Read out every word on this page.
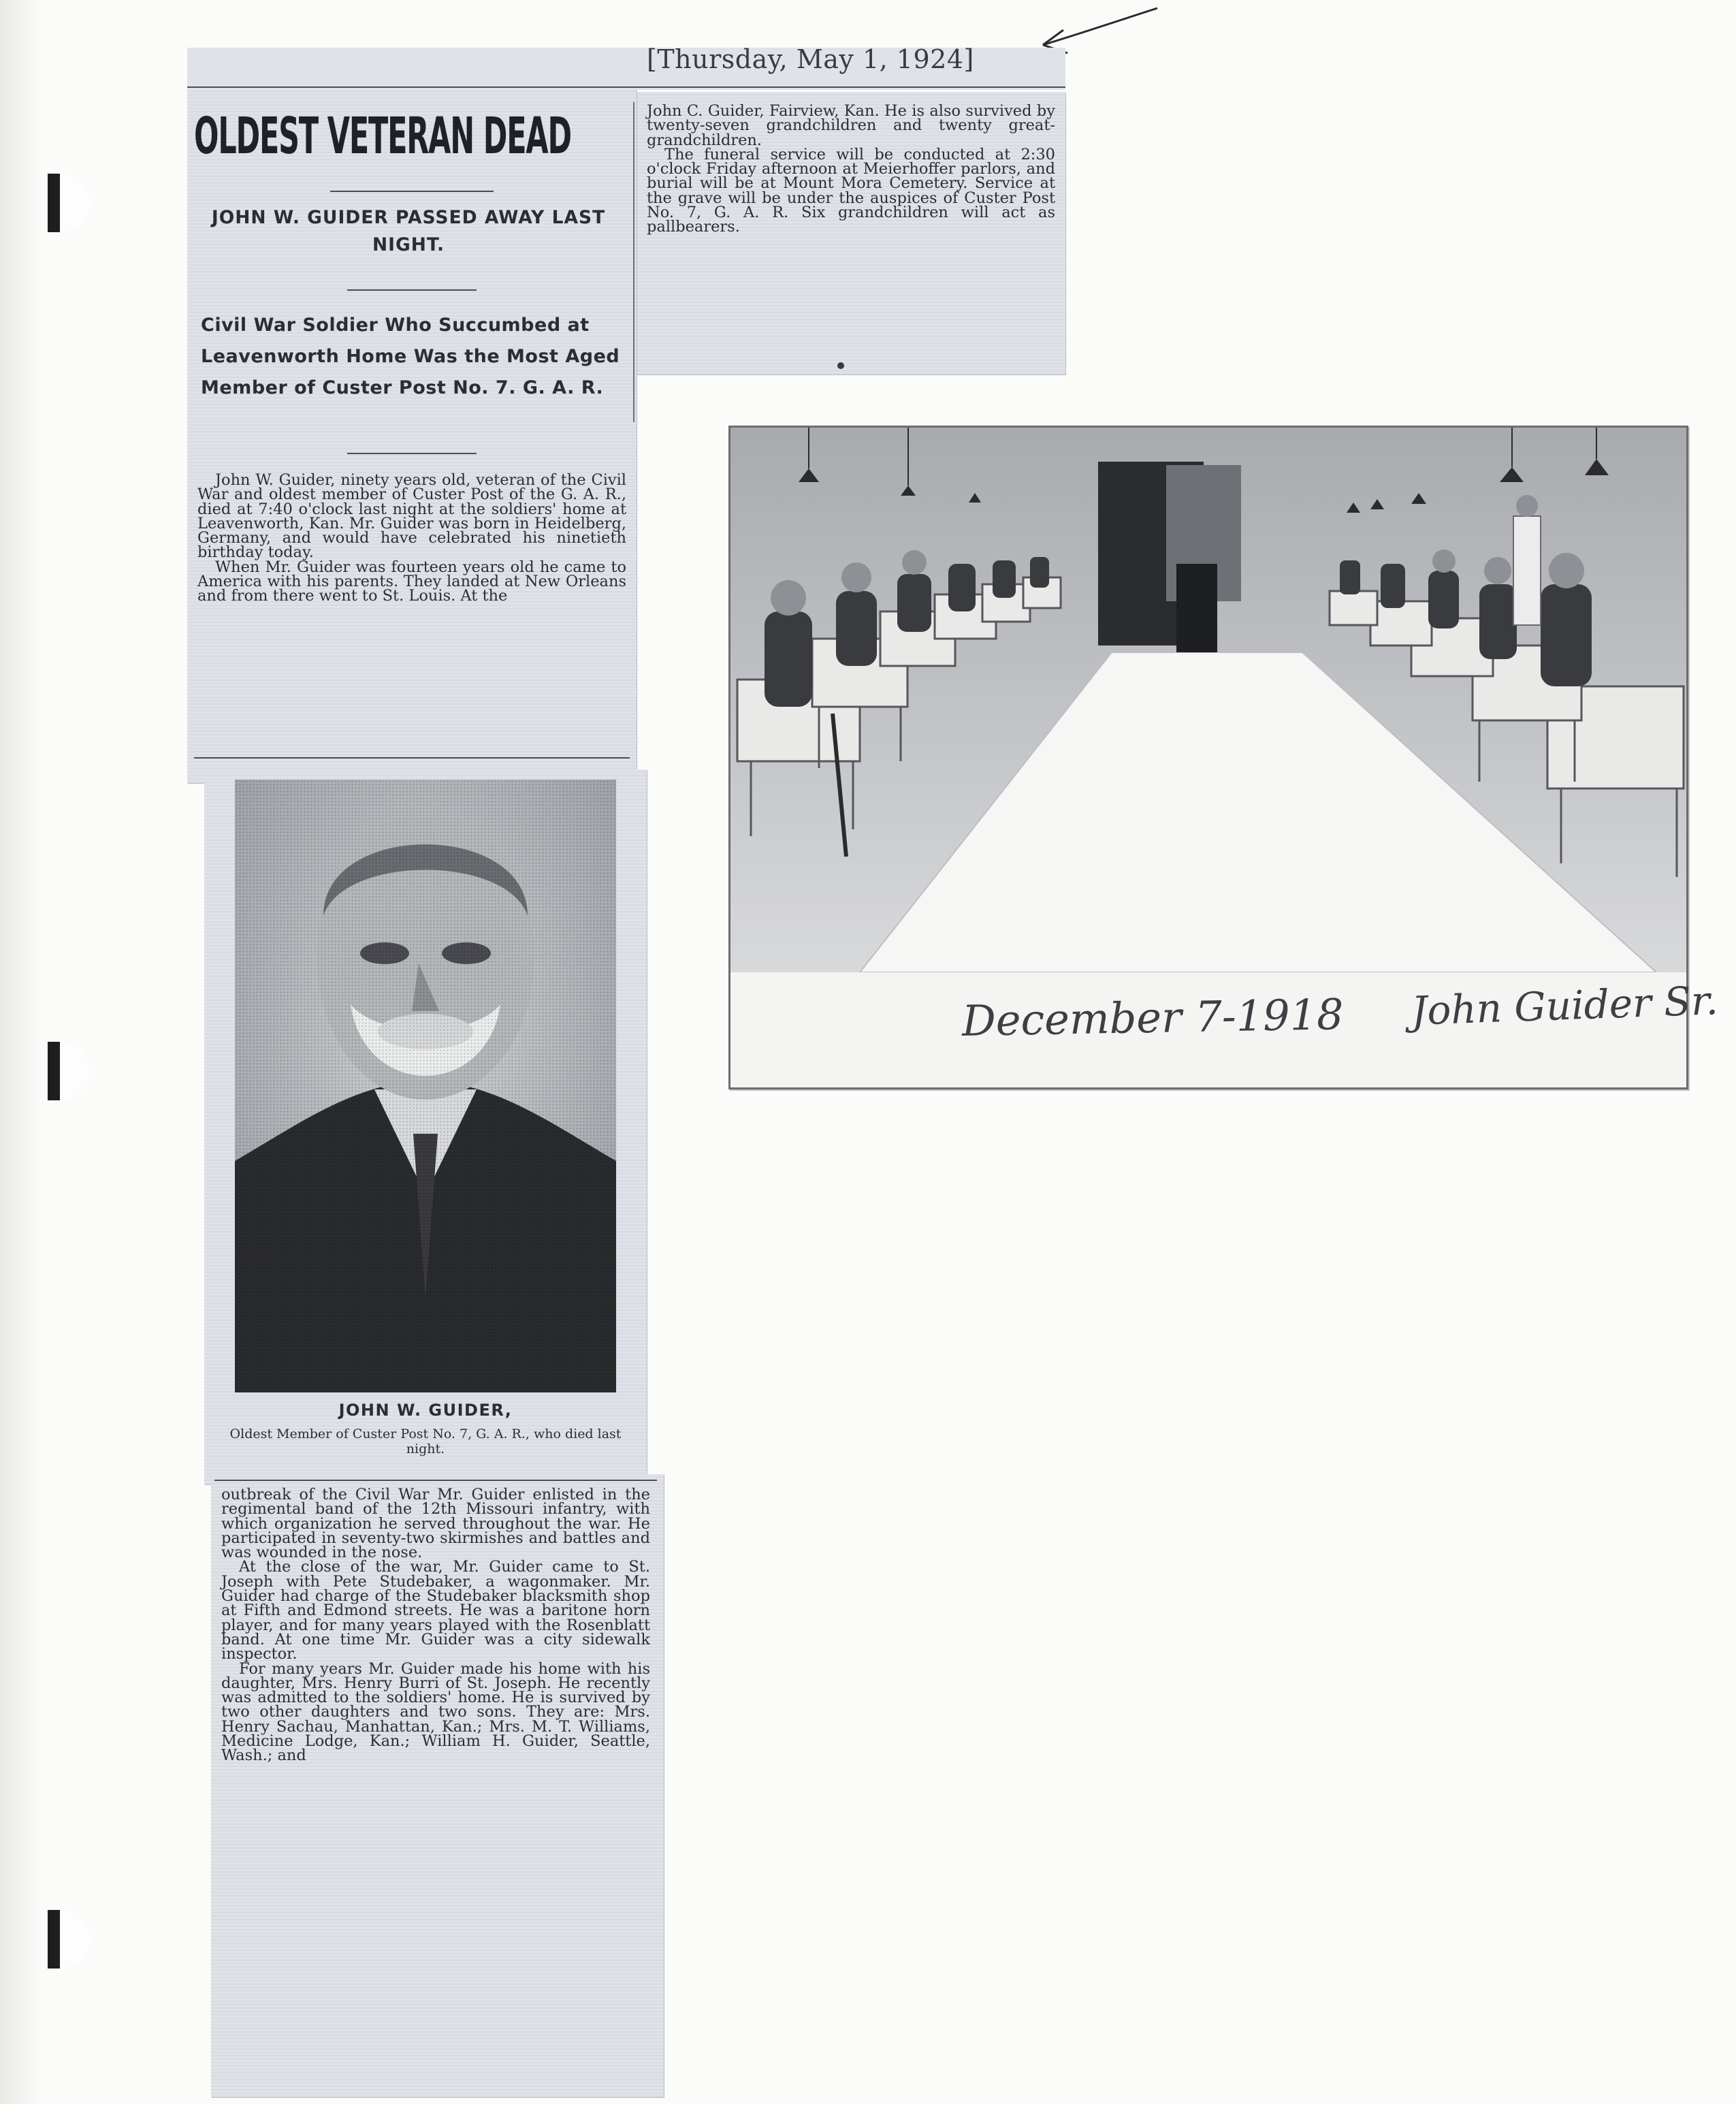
John C. Guider, Fairview, Kan. He is also survived by twenty-seven grandchildren and twenty great-grandchildren.

The funeral service will be conducted at 2:30 o'clock Friday afternoon at Meierhoffer parlors, and burial will be at Mount Mora Cemetery. Service at the grave will be under the auspices of Custer Post No. 7, G. A. R. Six grandchildren will act as pallbearers.

OLDEST VETERAN DEAD
JOHN W. GUIDER PASSED AWAY LAST NIGHT.
Civil War Soldier Who Succumbed at Leavenworth Home Was the Most Aged Member of Custer Post No. 7. G. A. R.

John W. Guider, ninety years old, veteran of the Civil War and oldest member of Custer Post of the G. A. R., died at 7:40 o'clock last night at the soldiers' home at Leavenworth, Kan. Mr. Guider was born in Heidelberg, Germany, and would have celebrated his ninetieth birthday today.

When Mr. Guider was fourteen years old he came to America with his parents. They landed at New Orleans and from there went to St. Louis. At the

[Thursday, May 1, 1924]
JOHN W. GUIDER,
Oldest Member of Custer Post No. 7, G. A. R., who died last night.

outbreak of the Civil War Mr. Guider enlisted in the regimental band of the 12th Missouri infantry, with which organization he served throughout the war. He participated in seventy-two skirmishes and battles and was wounded in the nose.

At the close of the war, Mr. Guider came to St. Joseph with Pete Studebaker, a wagonmaker. Mr. Guider had charge of the Studebaker blacksmith shop at Fifth and Edmond streets. He was a baritone horn player, and for many years played with the Rosenblatt band. At one time Mr. Guider was a city sidewalk inspector.

For many years Mr. Guider made his home with his daughter, Mrs. Henry Burri of St. Joseph. He recently was admitted to the soldiers' home. He is survived by two other daughters and two sons. They are: Mrs. Henry Sachau, Manhattan, Kan.; Mrs. M. T. Williams, Medicine Lodge, Kan.; William H. Guider, Seattle, Wash.; and

December 7-1918 John Guider Sr.
